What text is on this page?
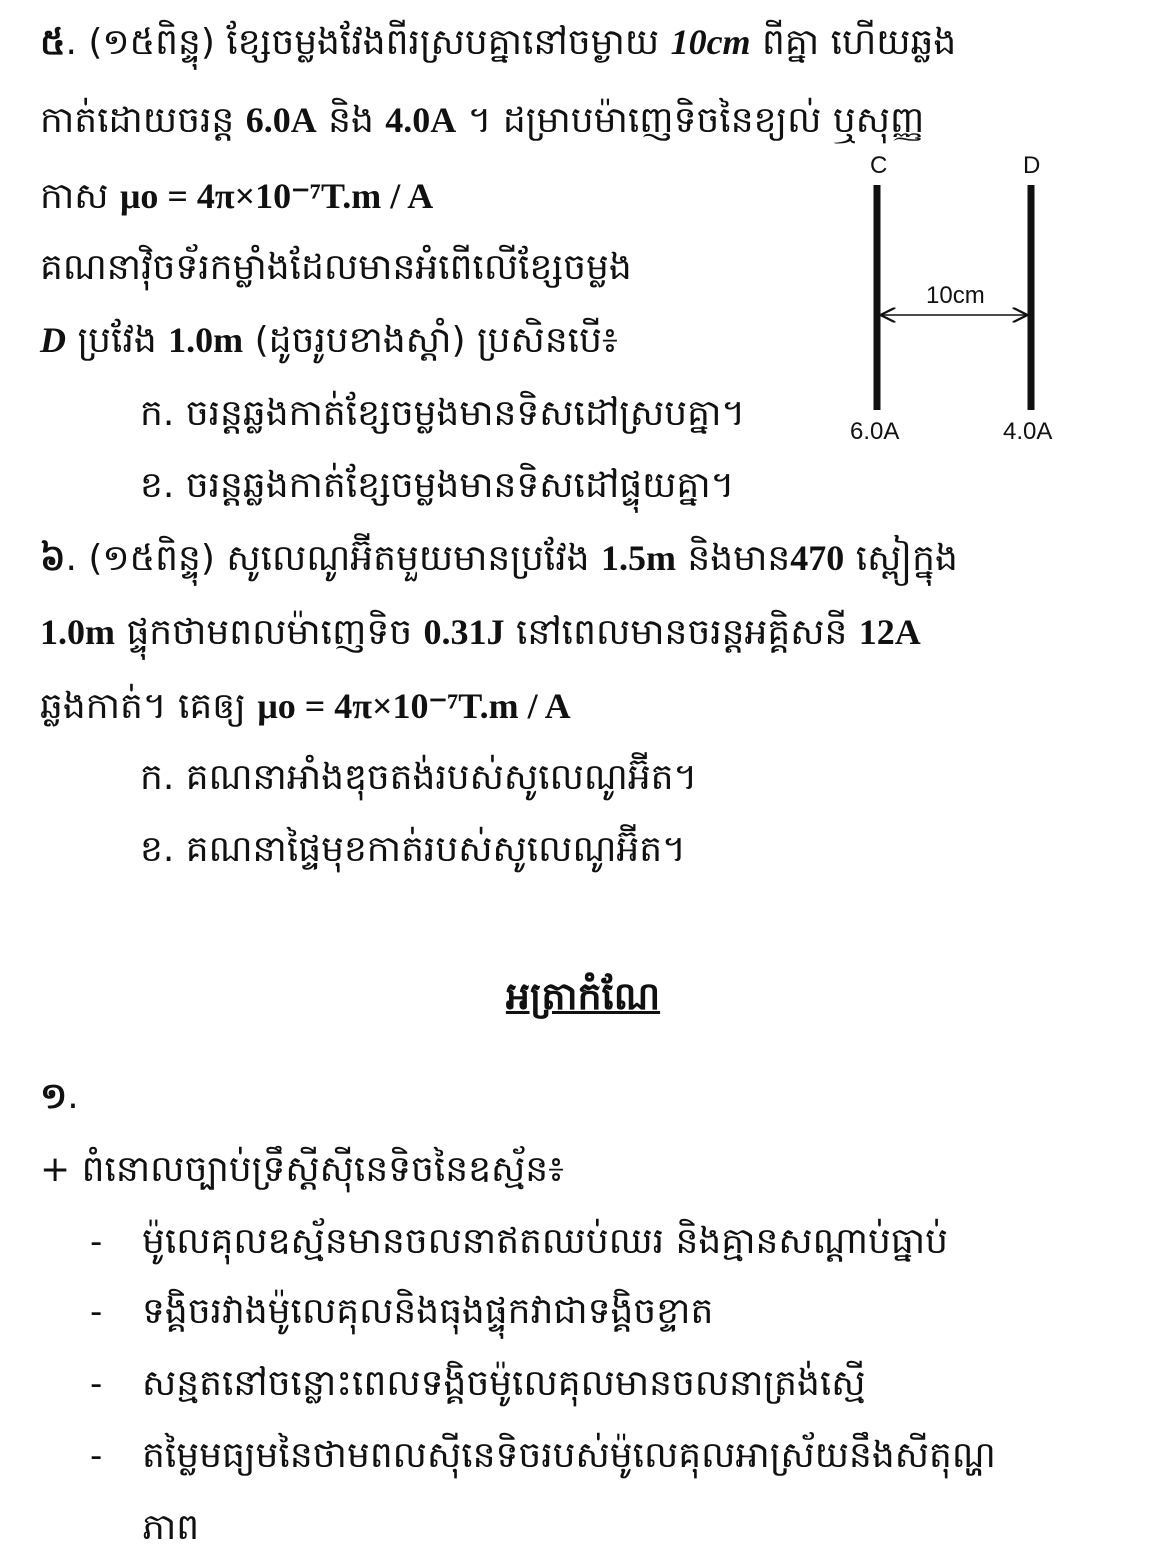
៥. (១៥ពិន្ទុ) ខ្សែចម្លងវែងពីរស្របគ្នានៅចម្ងាយ 10cm ពីគ្នា ហើយឆ្លង
កាត់ដោយចរន្ត 6.0A និង 4.0A ។ ដម្រាបម៉ាញេទិចនៃខ្យល់ ឬសុញ្ញ
កាស μo = 4π×10⁻⁷T.m / A
គណនាវ៉ិចទ័រកម្លាំងដែលមានអំពើលើខ្សែចម្លង
D ប្រវែង 1.0m (ដូចរូបខាងស្តាំ) ប្រសិនបើ៖
ក. ចរន្តឆ្លងកាត់ខ្សែចម្លងមានទិសដៅស្របគ្នា។
ខ. ចរន្តឆ្លងកាត់ខ្សែចម្លងមានទិសដៅផ្ទុយគ្នា។
C	D
10cm
6.0A	4.0A
៦. (១៥ពិន្ទុ) សូលេណូអ៊ីតមួយមានប្រវែង 1.5m និងមាន470 ស្ពៀក្នុង
1.0m ផ្ទុកថាមពលម៉ាញេទិច 0.31J នៅពេលមានចរន្តអគ្គិសនី 12A
ឆ្លងកាត់។ គេឲ្យ μo = 4π×10⁻⁷T.m / A
ក. គណនាអាំងឌុចតង់របស់សូលេណូអ៊ីត។
ខ. គណនាផ្ទៃមុខកាត់របស់សូលេណូអ៊ីត។
អត្រាកំណែ
១.
+ ពំនោលច្បាប់ទ្រឹស្តីស៊ីនេទិចនៃឧស្ម័ន៖
- ម៉ូលេគុលឧស្ម័នមានចលនាឥតឈប់ឈរ និងគ្មានសណ្តាប់ធ្នាប់
- ទង្គិចរវាងម៉ូលេគុលនិងធុងផ្ទុកវាជាទង្គិចខ្ទាត
- សន្មតនៅចន្លោះពេលទង្គិចម៉ូលេគុលមានចលនាត្រង់ស្មើ
- តម្លៃមធ្យមនៃថាមពលស៊ីនេទិចរបស់ម៉ូលេគុលអាស្រ័យនឹងសីតុណ្ហ
ភាព
